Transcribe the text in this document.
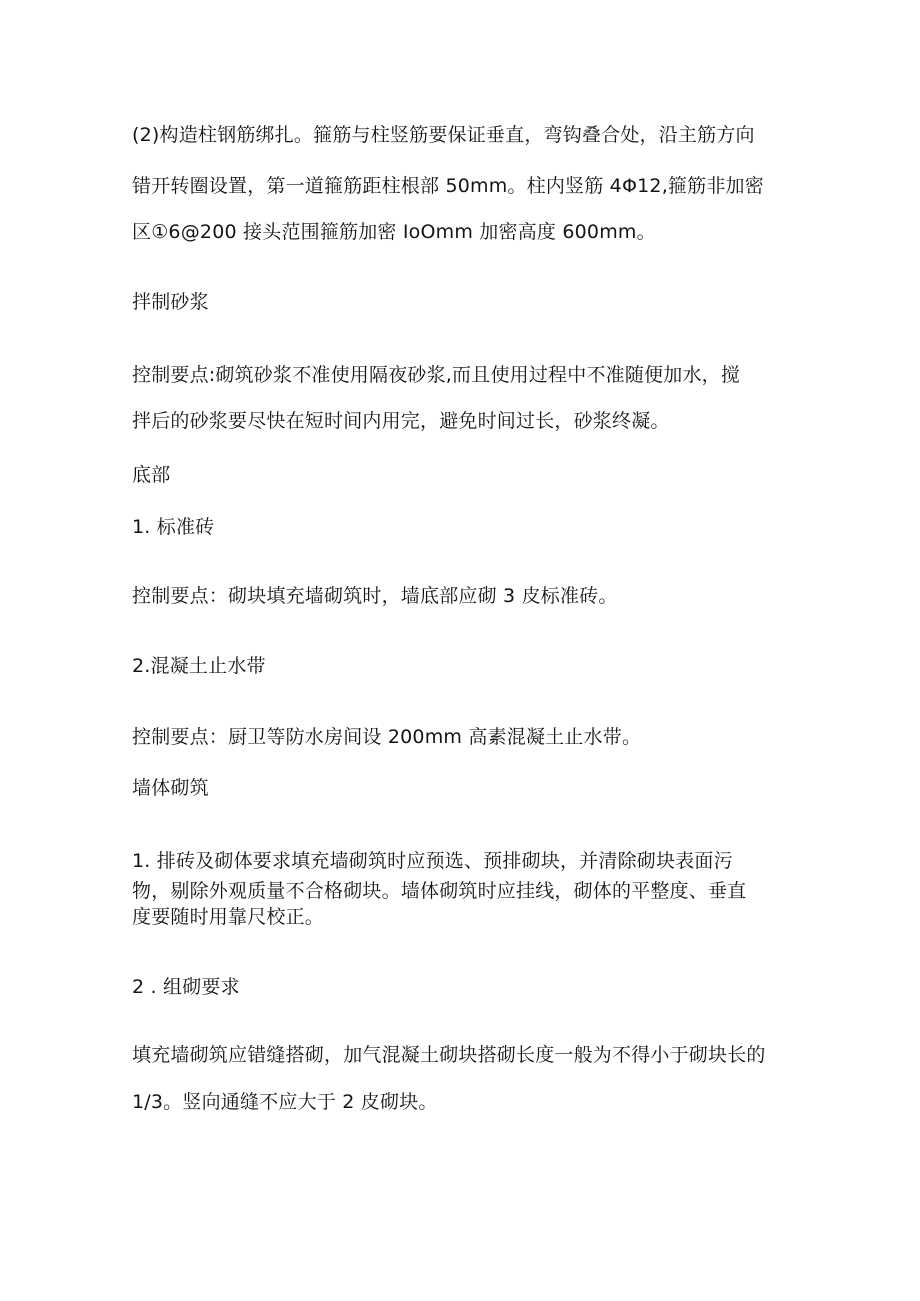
(2)构造柱钢筋绑扎。箍筋与柱竖筋要保证垂直，弯钩叠合处，沿主筋方向
错开转圈设置，第一道箍筋距柱根部 50mm。柱内竖筋 4Φ12,箍筋非加密
区①6@200 接头范围箍筋加密 IoOmm 加密高度 600mm。
拌制砂浆
控制要点:砌筑砂浆不准使用隔夜砂浆,而且使用过程中不准随便加水，搅
拌后的砂浆要尽快在短时间内用完，避免时间过长，砂浆终凝。
底部
1. 标准砖
控制要点：砌块填充墙砌筑时，墙底部应砌 3 皮标准砖。
2.混凝土止水带
控制要点：厨卫等防水房间设 200mm 高素混凝土止水带。
墙体砌筑
1. 排砖及砌体要求填充墙砌筑时应预选、预排砌块，并清除砌块表面污
物，剔除外观质量不合格砌块。墙体砌筑时应挂线，砌体的平整度、垂直
度要随时用靠尺校正。
2 . 组砌要求
填充墙砌筑应错缝搭砌，加气混凝土砌块搭砌长度一般为不得小于砌块长的
1/3。竖向通缝不应大于 2 皮砌块。
